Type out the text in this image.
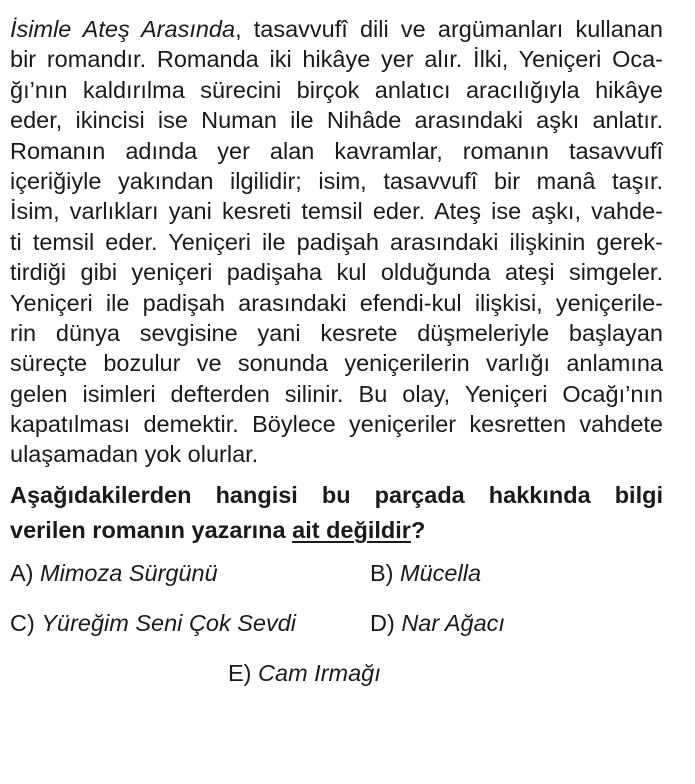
İsimle Ateş Arasında, tasavvufî dili ve argümanları kullanan
bir romandır. Romanda iki hikâye yer alır. İlki, Yeniçeri Oca-
ğı’nın kaldırılma sürecini birçok anlatıcı aracılığıyla hikâye
eder, ikincisi ise Numan ile Nihâde arasındaki aşkı anlatır.
Romanın adında yer alan kavramlar, romanın tasavvufî
içeriğiyle yakından ilgilidir; isim, tasavvufî bir manâ taşır.
İsim, varlıkları yani kesreti temsil eder. Ateş ise aşkı, vahde-
ti temsil eder. Yeniçeri ile padişah arasındaki ilişkinin gerek-
tirdiği gibi yeniçeri padişaha kul olduğunda ateşi simgeler.
Yeniçeri ile padişah arasındaki efendi-kul ilişkisi, yeniçerile-
rin dünya sevgisine yani kesrete düşmeleriyle başlayan
süreçte bozulur ve sonunda yeniçerilerin varlığı anlamına
gelen isimleri defterden silinir. Bu olay, Yeniçeri Ocağı’nın
kapatılması demektir. Böylece yeniçeriler kesretten vahdete
ulaşamadan yok olurlar.
Aşağıdakilerden hangisi bu parçada hakkında bilgi
verilen romanın yazarına ait değildir?
A) Mimoza Sürgünü	B) Mücella
C) Yüreğim Seni Çok Sevdi	D) Nar Ağacı
E) Cam Irmağı
